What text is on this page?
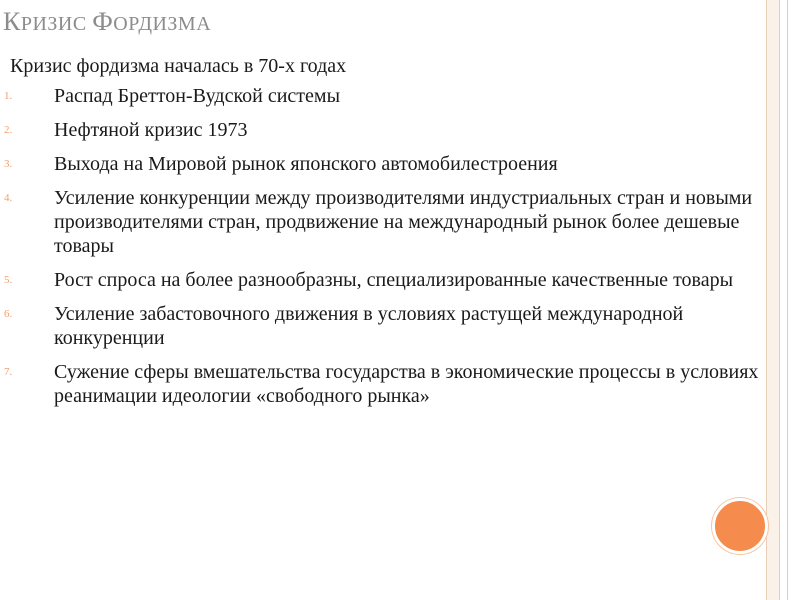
КРИЗИС ФОРДИЗМА
Кризис фордизма началась в 70-х годах
1.	Распад Бреттон-Вудской системы
2.	Нефтяной кризис 1973
3.	Выхода на Мировой рынок японского автомобилестроения
4.	Усиление конкуренции между производителями индустриальных стран и новыми производителями стран, продвижение на международный рынок более дешевые товары
5.	Рост спроса на более разнообразны, специализированные качественные товары
6.	Усиление забастовочного движения в условиях растущей международной конкуренции
7.	Сужение сферы вмешательства государства в экономические процессы в условиях реанимации идеологии «свободного рынка»
